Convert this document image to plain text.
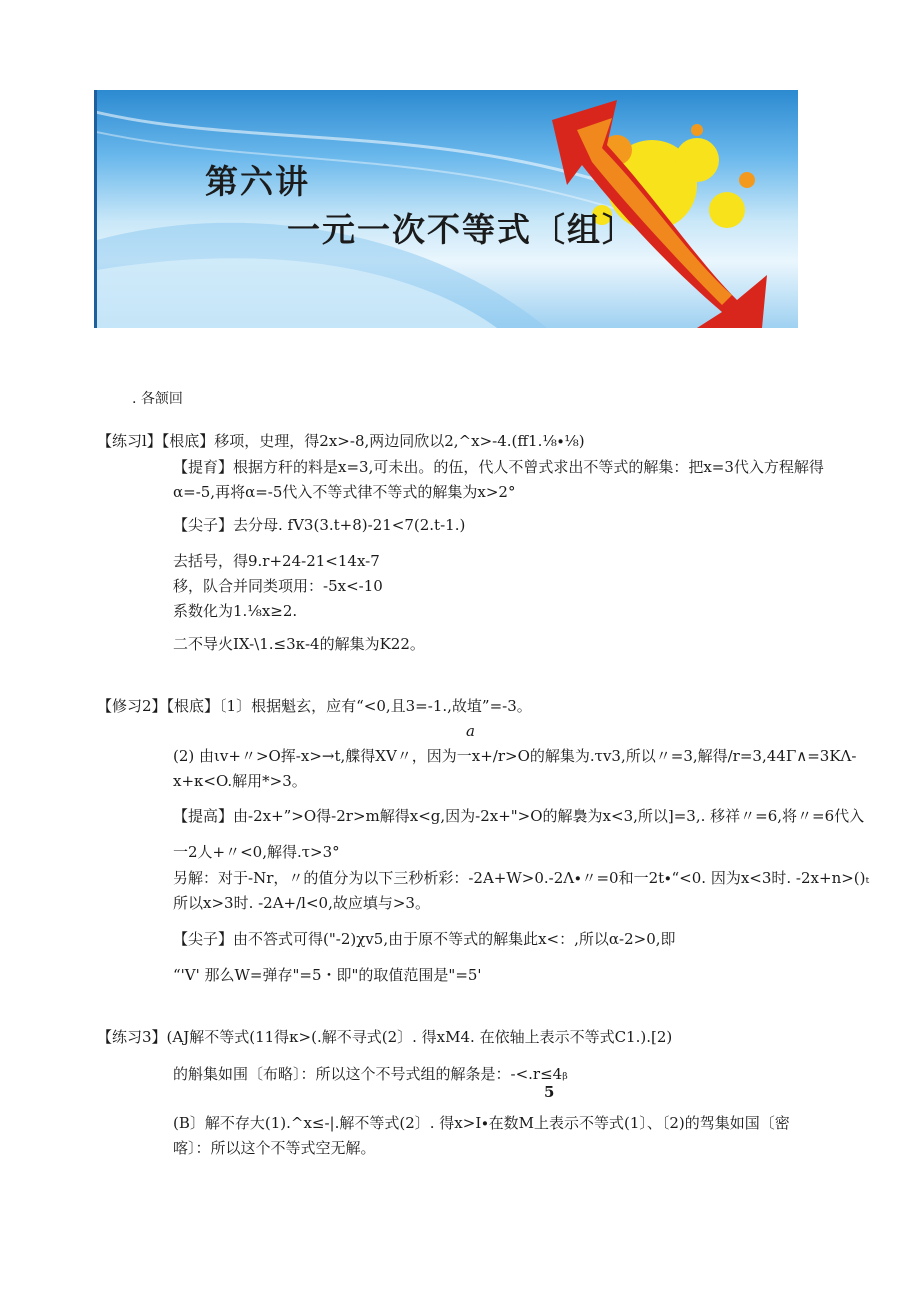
第六讲
一元一次不等式〔组〕
. 各颔回
【练习l】【根底】移项，史理，得2x>-8,两边同欣以2,^x>-4.(ff1.⅛∙⅛)
【提育】根据方秆的料是x=3,可未出。的伍，代人不曾式求出不等式的解集：把x=3代入方程解得
α=-5,再将α=-5代入不等式律不等式的解集为x>2°
【尖子】去分母. fV3(3.t+8)-21<7(2.t-1.)
去括号，得9.r+24-21<14x-7
移，队合并同类项用：-5x<-10
系数化为1.⅛x≥2.
二不导火IX-\1.≤3κ-4的解集为K22。
【修习2】【根底】〔1〕根据魁玄，应有“<0,且3=-1.,故埴”=-3。
a
(2) 由ιv+〃>O挥-x>→t,艓得XV〃，因为一x+∕r>O的解集为.τv3,所以〃=3,解得∕r=3,44Γ∧=3KΛ-
x+κ<O.解用*>3。
【提高】由-2x+”>O得-2r>m解得x<g,因为-2x+">O的解裊为x<3,所以]=3,. 移祥〃=6,将〃=6代入
一2人+〃<0,解得.τ>3°
另解：对于-Nr，〃的值分为以下三秒析彩：-2A+W>0.-2Λ∙〃=0和一2t∙“<0. 因为x<3时. -2x+n>()ₜ
所以x>3时. -2A+∕l<0,故应填与>3。
【尖子】由不答式可得("-2)χv5,由于原不等式的解集此x<：,所以α-2>0,即
“'V' 那么W=弹存"=5・即"的取值范围是"=5'
【练习3】(AJ解不等式(11得κ>(.解不寻式(2〕. 得xM4. 在依轴上表示不等式C1.).[2)
的斛集如围〔布略〕：所以这个不号式组的解条是：-<.r≤4ᵦ
5
(B〕解不存大(1).^x≤-|.解不等式(2〕. 得x>I∙在数M上表示不等式(1〕、〔2)的驾集如国〔密
喀〕：所以这个不等式空无解。
